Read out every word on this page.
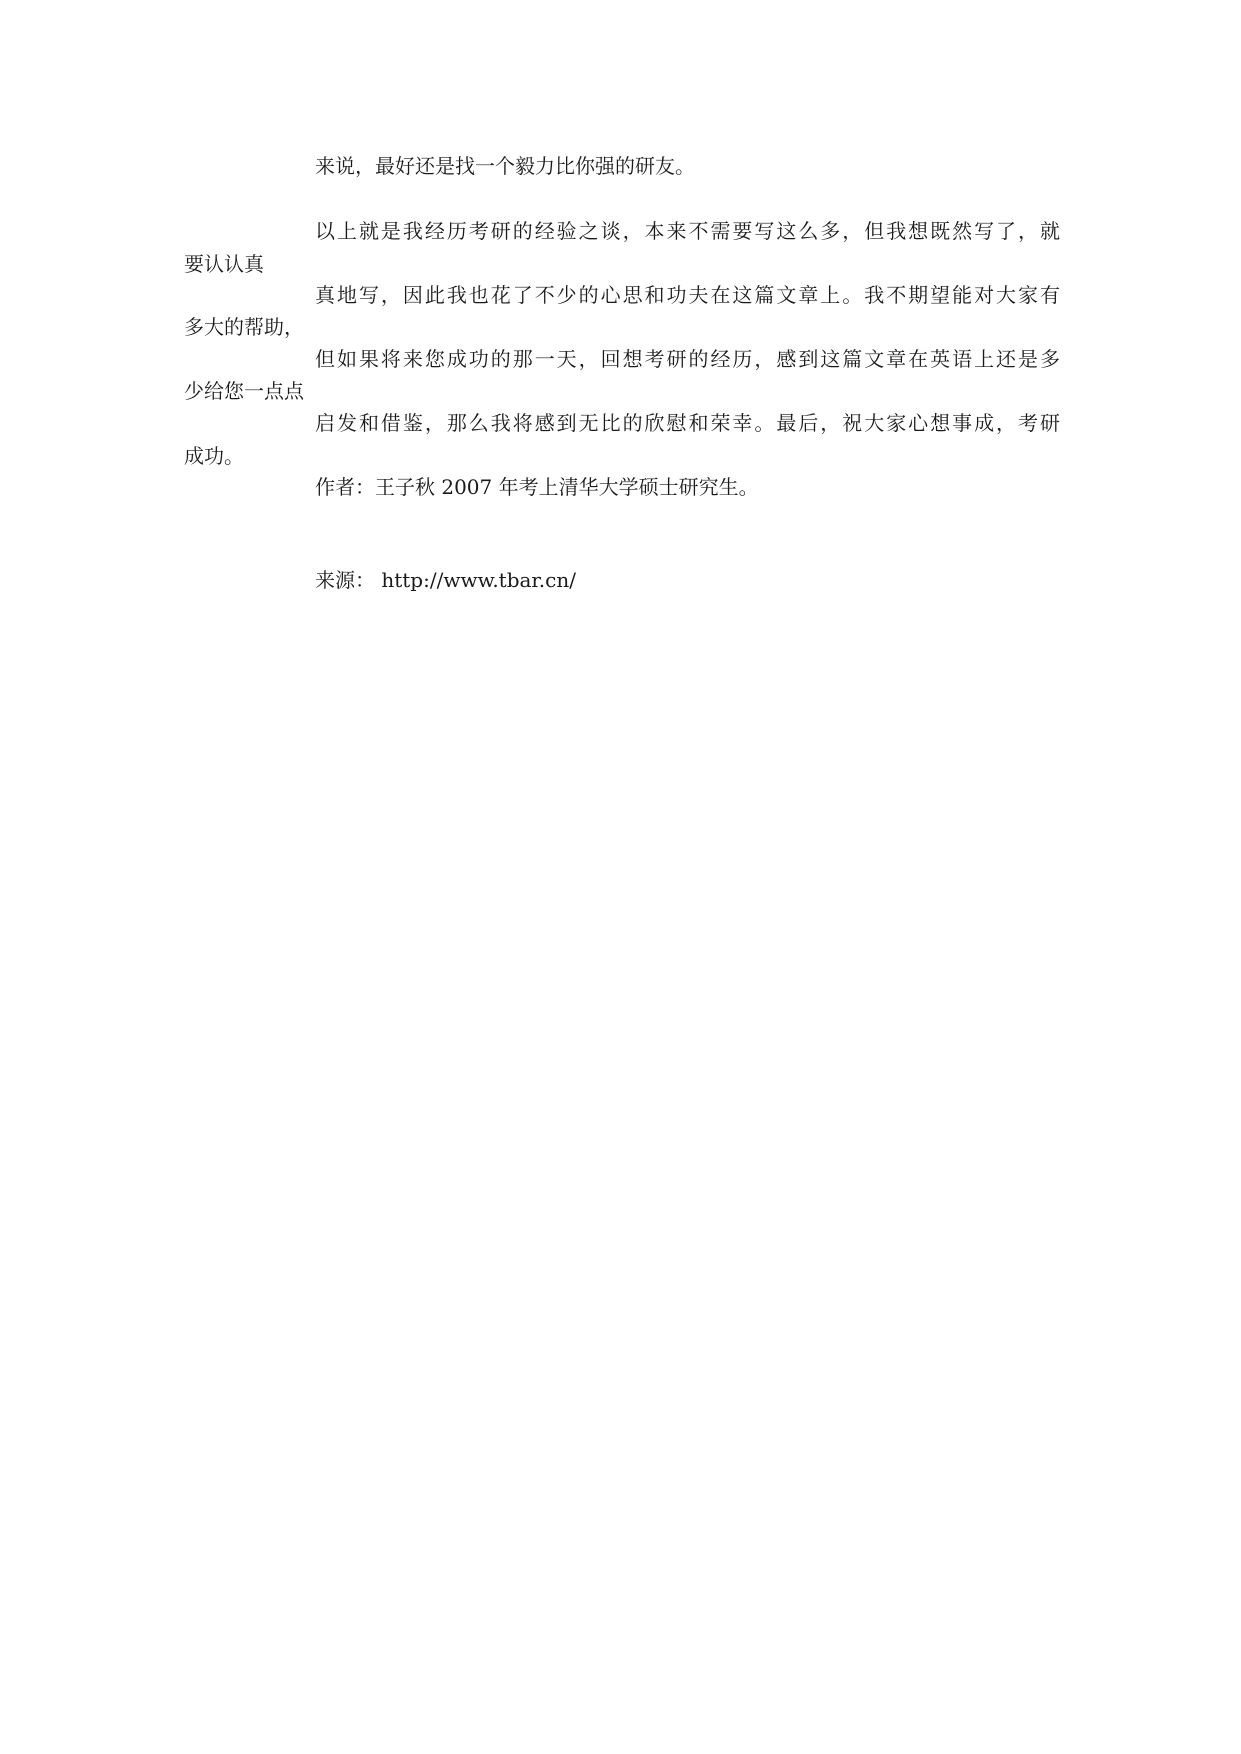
来说，最好还是找一个毅力比你强的研友。
以上就是我经历考研的经验之谈，本来不需要写这么多，但我想既然写了，就
要认认真
真地写，因此我也花了不少的心思和功夫在这篇文章上。我不期望能对大家有
多大的帮助，
但如果将来您成功的那一天，回想考研的经历，感到这篇文章在英语上还是多
少给您一点点
启发和借鉴，那么我将感到无比的欣慰和荣幸。最后，祝大家心想事成，考研
成功。
作者：王子秋 2007 年考上清华大学硕士研究生。
来源： http://www.tbar.cn/
